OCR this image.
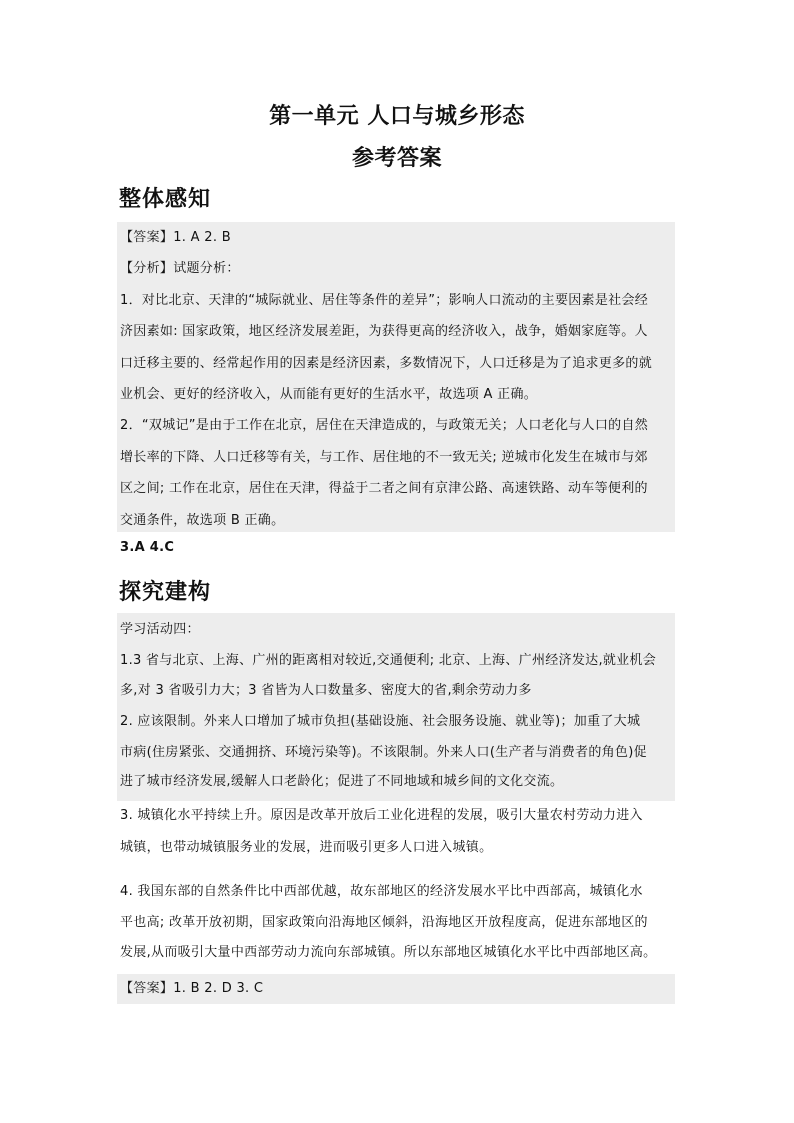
第一单元 人口与城乡形态
参考答案
整体感知
【答案】1. A 2. B
【分析】试题分析：
1．对比北京、天津的“城际就业、居住等条件的差异”；影响人口流动的主要因素是社会经
济因素如: 国家政策，地区经济发展差距，为获得更高的经济收入，战争，婚姻家庭等。人
口迁移主要的、经常起作用的因素是经济因素，多数情况下，人口迁移是为了追求更多的就
业机会、更好的经济收入，从而能有更好的生活水平，故选项 A 正确。
2．“双城记”是由于工作在北京，居住在天津造成的，与政策无关；人口老化与人口的自然
增长率的下降、人口迁移等有关，与工作、居住地的不一致无关; 逆城市化发生在城市与郊
区之间; 工作在北京，居住在天津，得益于二者之间有京津公路、高速铁路、动车等便利的
交通条件，故选项 B 正确。
3.A 4.C
探究建构
学习活动四：
1.3 省与北京、上海、广州的距离相对较近,交通便利; 北京、上海、广州经济发达,就业机会
多,对 3 省吸引力大；3 省皆为人口数量多、密度大的省,剩余劳动力多
2. 应该限制。外来人口增加了城市负担(基础设施、社会服务设施、就业等)；加重了大城
市病(住房紧张、交通拥挤、环境污染等)。不该限制。外来人口(生产者与消费者的角色)促
进了城市经济发展,缓解人口老龄化；促进了不同地域和城乡间的文化交流。
3. 城镇化水平持续上升。原因是改革开放后工业化进程的发展，吸引大量农村劳动力进入
城镇，也带动城镇服务业的发展，进而吸引更多人口进入城镇。
4. 我国东部的自然条件比中西部优越，故东部地区的经济发展水平比中西部高，城镇化水
平也高; 改革开放初期，国家政策向沿海地区倾斜，沿海地区开放程度高，促进东部地区的
发展,从而吸引大量中西部劳动力流向东部城镇。所以东部地区城镇化水平比中西部地区高。
【答案】1. B 2. D 3. C
